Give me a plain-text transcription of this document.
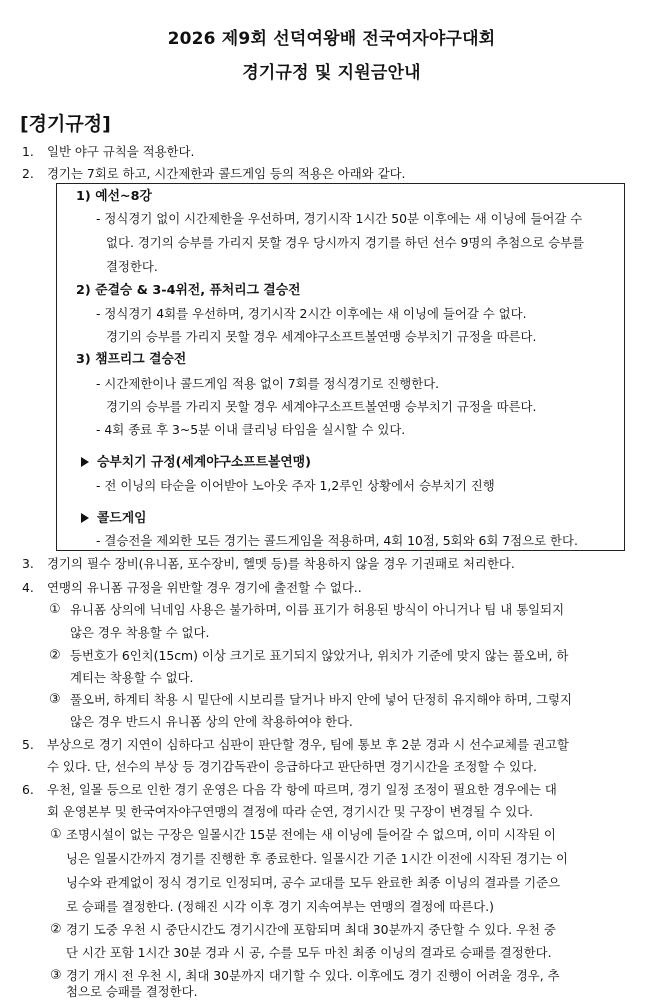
2026 제9회 선덕여왕배 전국여자야구대회
경기규정 및 지원금안내
[경기규정]
1. 일반 야구 규칙을 적용한다.
2. 경기는 7회로 하고, 시간제한과 콜드게임 등의 적용은 아래와 같다.
1) 예선~8강
- 정식경기 없이 시간제한을 우선하며, 경기시작 1시간 50분 이후에는 새 이닝에 들어갈 수
없다. 경기의 승부를 가리지 못할 경우 당시까지 경기를 하던 선수 9명의 추첨으로 승부를
결정한다.
2) 준결승 & 3-4위전, 퓨처리그 결승전
- 정식경기 4회를 우선하며, 경기시작 2시간 이후에는 새 이닝에 들어갈 수 없다.
경기의 승부를 가리지 못할 경우 세계야구소프트볼연맹 승부치기 규정을 따른다.
3) 챔프리그 결승전
- 시간제한이나 콜드게임 적용 없이 7회를 정식경기로 진행한다.
경기의 승부를 가리지 못할 경우 세계야구소프트볼연맹 승부치기 규정을 따른다.
- 4회 종료 후 3~5분 이내 클리닝 타임을 실시할 수 있다.
승부치기 규정(세계야구소프트볼연맹)
- 전 이닝의 타순을 이어받아 노아웃 주자 1,2루인 상황에서 승부치기 진행
콜드게임
- 결승전을 제외한 모든 경기는 콜드게임을 적용하며, 4회 10점, 5회와 6회 7점으로 한다.
3. 경기의 필수 장비(유니폼, 포수장비, 헬멧 등)를 착용하지 않을 경우 기권패로 처리한다.
4. 연맹의 유니폼 규정을 위반할 경우 경기에 출전할 수 없다..
① 유니폼 상의에 닉네임 사용은 불가하며, 이름 표기가 허용된 방식이 아니거나 팀 내 통일되지
않은 경우 착용할 수 없다.
② 등번호가 6인치(15cm) 이상 크기로 표기되지 않았거나, 위치가 기준에 맞지 않는 풀오버, 하
계티는 착용할 수 없다.
③ 풀오버, 하계티 착용 시 밑단에 시보리를 달거나 바지 안에 넣어 단정히 유지해야 하며, 그렇지
않은 경우 반드시 유니폼 상의 안에 착용하여야 한다.
5. 부상으로 경기 지연이 심하다고 심판이 판단할 경우, 팀에 통보 후 2분 경과 시 선수교체를 권고할
수 있다. 단, 선수의 부상 등 경기감독관이 응급하다고 판단하면 경기시간을 조정할 수 있다.
6. 우천, 일몰 등으로 인한 경기 운영은 다음 각 항에 따르며, 경기 일정 조정이 필요한 경우에는 대
회 운영본부 및 한국여자야구연맹의 결정에 따라 순연, 경기시간 및 구장이 변경될 수 있다.
① 조명시설이 없는 구장은 일몰시간 15분 전에는 새 이닝에 들어갈 수 없으며, 이미 시작된 이
닝은 일몰시간까지 경기를 진행한 후 종료한다. 일몰시간 기준 1시간 이전에 시작된 경기는 이
닝수와 관계없이 정식 경기로 인정되며, 공수 교대를 모두 완료한 최종 이닝의 결과를 기준으
로 승패를 결정한다. (정해진 시각 이후 경기 지속여부는 연맹의 결정에 따른다.)
② 경기 도중 우천 시 중단시간도 경기시간에 포함되며 최대 30분까지 중단할 수 있다. 우천 중
단 시간 포함 1시간 30분 경과 시 공, 수를 모두 마친 최종 이닝의 결과로 승패를 결정한다.
③ 경기 개시 전 우천 시, 최대 30분까지 대기할 수 있다. 이후에도 경기 진행이 어려울 경우, 추
첨으로 승패를 결정한다.
